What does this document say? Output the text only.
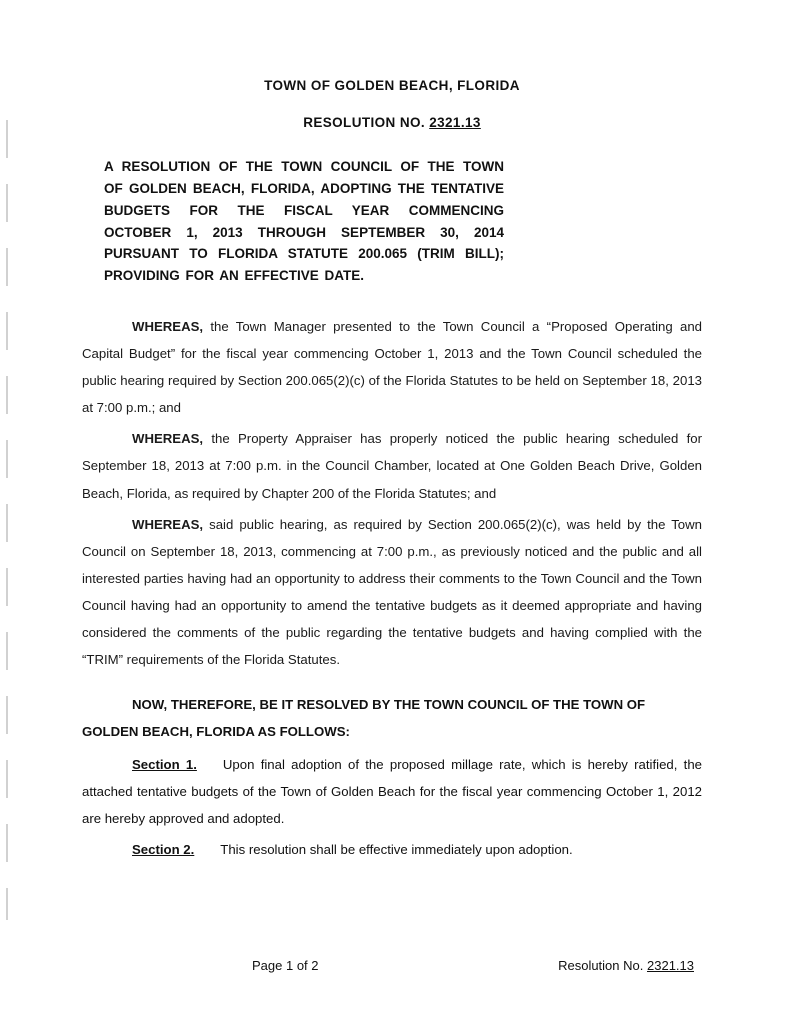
TOWN OF GOLDEN BEACH, FLORIDA
RESOLUTION NO. 2321.13
A RESOLUTION OF THE TOWN COUNCIL OF THE TOWN OF GOLDEN BEACH, FLORIDA, ADOPTING THE TENTATIVE BUDGETS FOR THE FISCAL YEAR COMMENCING OCTOBER 1, 2013 THROUGH SEPTEMBER 30, 2014 PURSUANT TO FLORIDA STATUTE 200.065 (TRIM BILL); PROVIDING FOR AN EFFECTIVE DATE.

WHEREAS, the Town Manager presented to the Town Council a “Proposed Operating and Capital Budget” for the fiscal year commencing October 1, 2013 and the Town Council scheduled the public hearing required by Section 200.065(2)(c) of the Florida Statutes to be held on September 18, 2013 at 7:00 p.m.; and

WHEREAS, the Property Appraiser has properly noticed the public hearing scheduled for September 18, 2013 at 7:00 p.m. in the Council Chamber, located at One Golden Beach Drive, Golden Beach, Florida, as required by Chapter 200 of the Florida Statutes; and

WHEREAS, said public hearing, as required by Section 200.065(2)(c), was held by the Town Council on September 18, 2013, commencing at 7:00 p.m., as previously noticed and the public and all interested parties having had an opportunity to address their comments to the Town Council and the Town Council having had an opportunity to amend the tentative budgets as it deemed appropriate and having considered the comments of the public regarding the tentative budgets and having complied with the “TRIM” requirements of the Florida Statutes.

NOW, THEREFORE, BE IT RESOLVED BY THE TOWN COUNCIL OF THE TOWN OF GOLDEN BEACH, FLORIDA AS FOLLOWS:

Section 1. Upon final adoption of the proposed millage rate, which is hereby ratified, the attached tentative budgets of the Town of Golden Beach for the fiscal year commencing October 1, 2012 are hereby approved and adopted.

Section 2. This resolution shall be effective immediately upon adoption.

Page 1 of 2	Resolution No. 2321.13
